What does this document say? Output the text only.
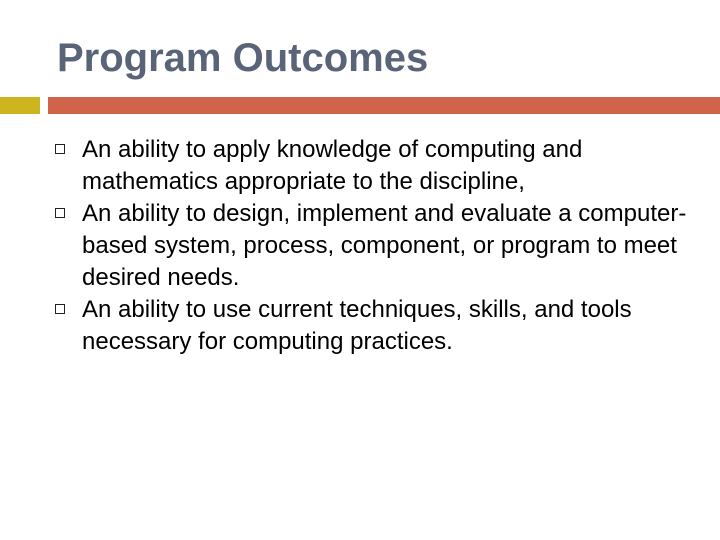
Program Outcomes
An ability to apply knowledge of computing and mathematics appropriate to the discipline,
An ability to design, implement and evaluate a computer-based system, process, component, or program to meet desired needs.
An ability to use current techniques, skills, and tools necessary for computing practices.
